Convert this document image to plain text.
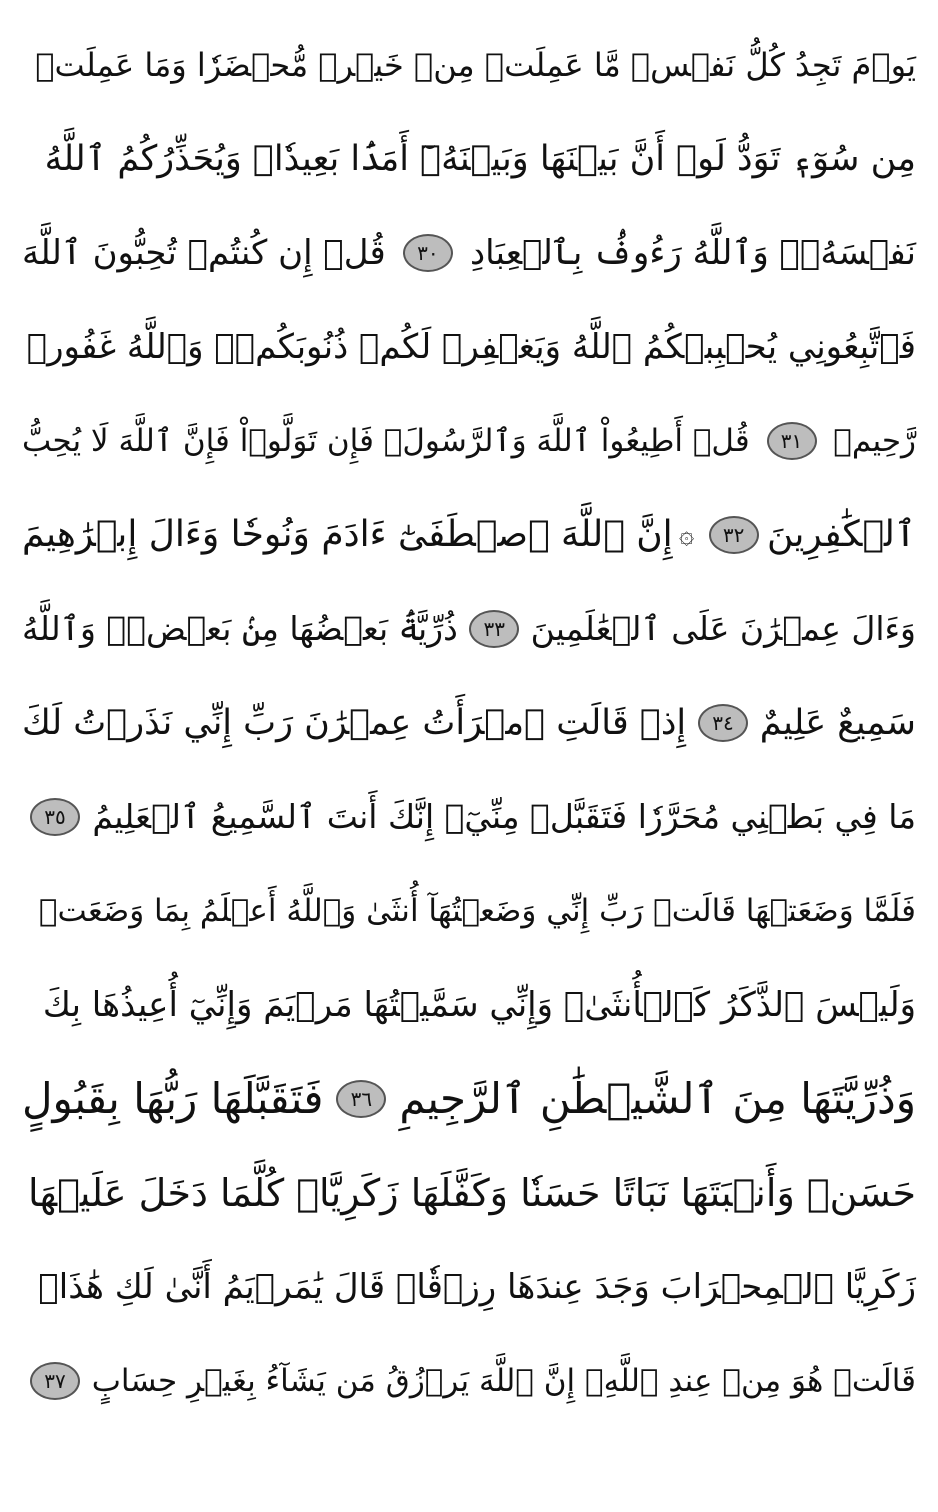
يَوۡمَ تَجِدُ كُلُّ نَفۡسٖ مَّا عَمِلَتۡ مِنۡ خَيۡرٖ مُّحۡضَرٗا وَمَا عَمِلَتۡ
مِن سُوٓءٖ تَوَدُّ لَوۡ أَنَّ بَيۡنَهَا وَبَيۡنَهُۥٓ أَمَدَۢا بَعِيدٗاۗ وَيُحَذِّرُكُمُ ٱللَّهُ
نَفۡسَهُۥۗ وَٱللَّهُ رَءُوفُۢ بِٱلۡعِبَادِ
٣٠
قُلۡ إِن كُنتُمۡ تُحِبُّونَ ٱللَّهَ
فَٱتَّبِعُونِي يُحۡبِبۡكُمُ ٱللَّهُ وَيَغۡفِرۡ لَكُمۡ ذُنُوبَكُمۡۚ وَٱللَّهُ غَفُورٞ
رَّحِيمٞ
٣١
قُلۡ أَطِيعُواْ ٱللَّهَ وَٱلرَّسُولَۖ فَإِن تَوَلَّوۡاْ فَإِنَّ ٱللَّهَ لَا يُحِبُّ
ٱلۡكَٰفِرِينَ
٣٢
۞
إِنَّ ٱللَّهَ ٱصۡطَفَىٰٓ ءَادَمَ وَنُوحٗا وَءَالَ إِبۡرَٰهِيمَ
وَءَالَ عِمۡرَٰنَ عَلَى ٱلۡعَٰلَمِينَ
٣٣
ذُرِّيَّةَۢ بَعۡضُهَا مِنۢ بَعۡضٖۗ وَٱللَّهُ
سَمِيعٌ عَلِيمٌ
٣٤
إِذۡ قَالَتِ ٱمۡرَأَتُ عِمۡرَٰنَ رَبِّ إِنِّي نَذَرۡتُ لَكَ
مَا فِي بَطۡنِي مُحَرَّرٗا فَتَقَبَّلۡ مِنِّيٓۖ إِنَّكَ أَنتَ ٱلسَّمِيعُ ٱلۡعَلِيمُ
٣٥
فَلَمَّا وَضَعَتۡهَا قَالَتۡ رَبِّ إِنِّي وَضَعۡتُهَآ أُنثَىٰ وَٱللَّهُ أَعۡلَمُ بِمَا وَضَعَتۡ
وَلَيۡسَ ٱلذَّكَرُ كَٱلۡأُنثَىٰۖ وَإِنِّي سَمَّيۡتُهَا مَرۡيَمَ وَإِنِّيٓ أُعِيذُهَا بِكَ
وَذُرِّيَّتَهَا مِنَ ٱلشَّيۡطَٰنِ ٱلرَّجِيمِ
٣٦
فَتَقَبَّلَهَا رَبُّهَا بِقَبُولٍ
حَسَنٖ وَأَنۢبَتَهَا نَبَاتًا حَسَنٗا وَكَفَّلَهَا زَكَرِيَّاۖ كُلَّمَا دَخَلَ عَلَيۡهَا
زَكَرِيَّا ٱلۡمِحۡرَابَ وَجَدَ عِندَهَا رِزۡقٗاۖ قَالَ يَٰمَرۡيَمُ أَنَّىٰ لَكِ هَٰذَاۖ
قَالَتۡ هُوَ مِنۡ عِندِ ٱللَّهِۖ إِنَّ ٱللَّهَ يَرۡزُقُ مَن يَشَآءُ بِغَيۡرِ حِسَابٍ
٣٧
